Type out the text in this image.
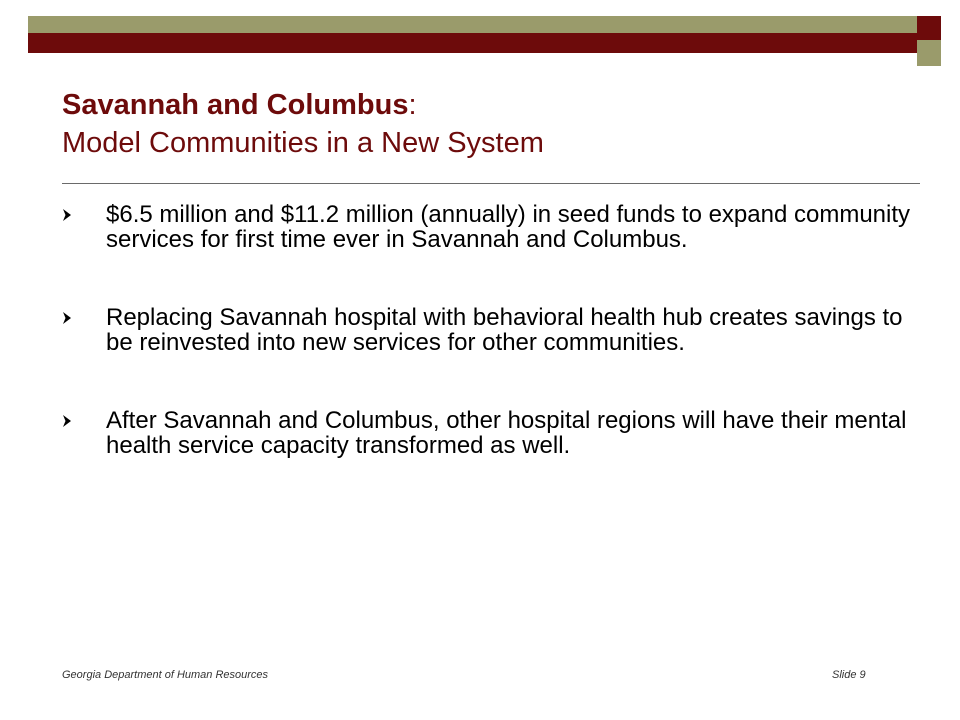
Savannah and Columbus:
Model Communities in a New System
$6.5 million and $11.2 million (annually) in seed funds to expand community services for first time ever in Savannah and Columbus.
Replacing Savannah hospital with behavioral health hub creates savings to be reinvested into new services for other communities.
After Savannah and Columbus, other hospital regions will have their mental health service capacity transformed as well.
Georgia Department of Human Resources	Slide 9
